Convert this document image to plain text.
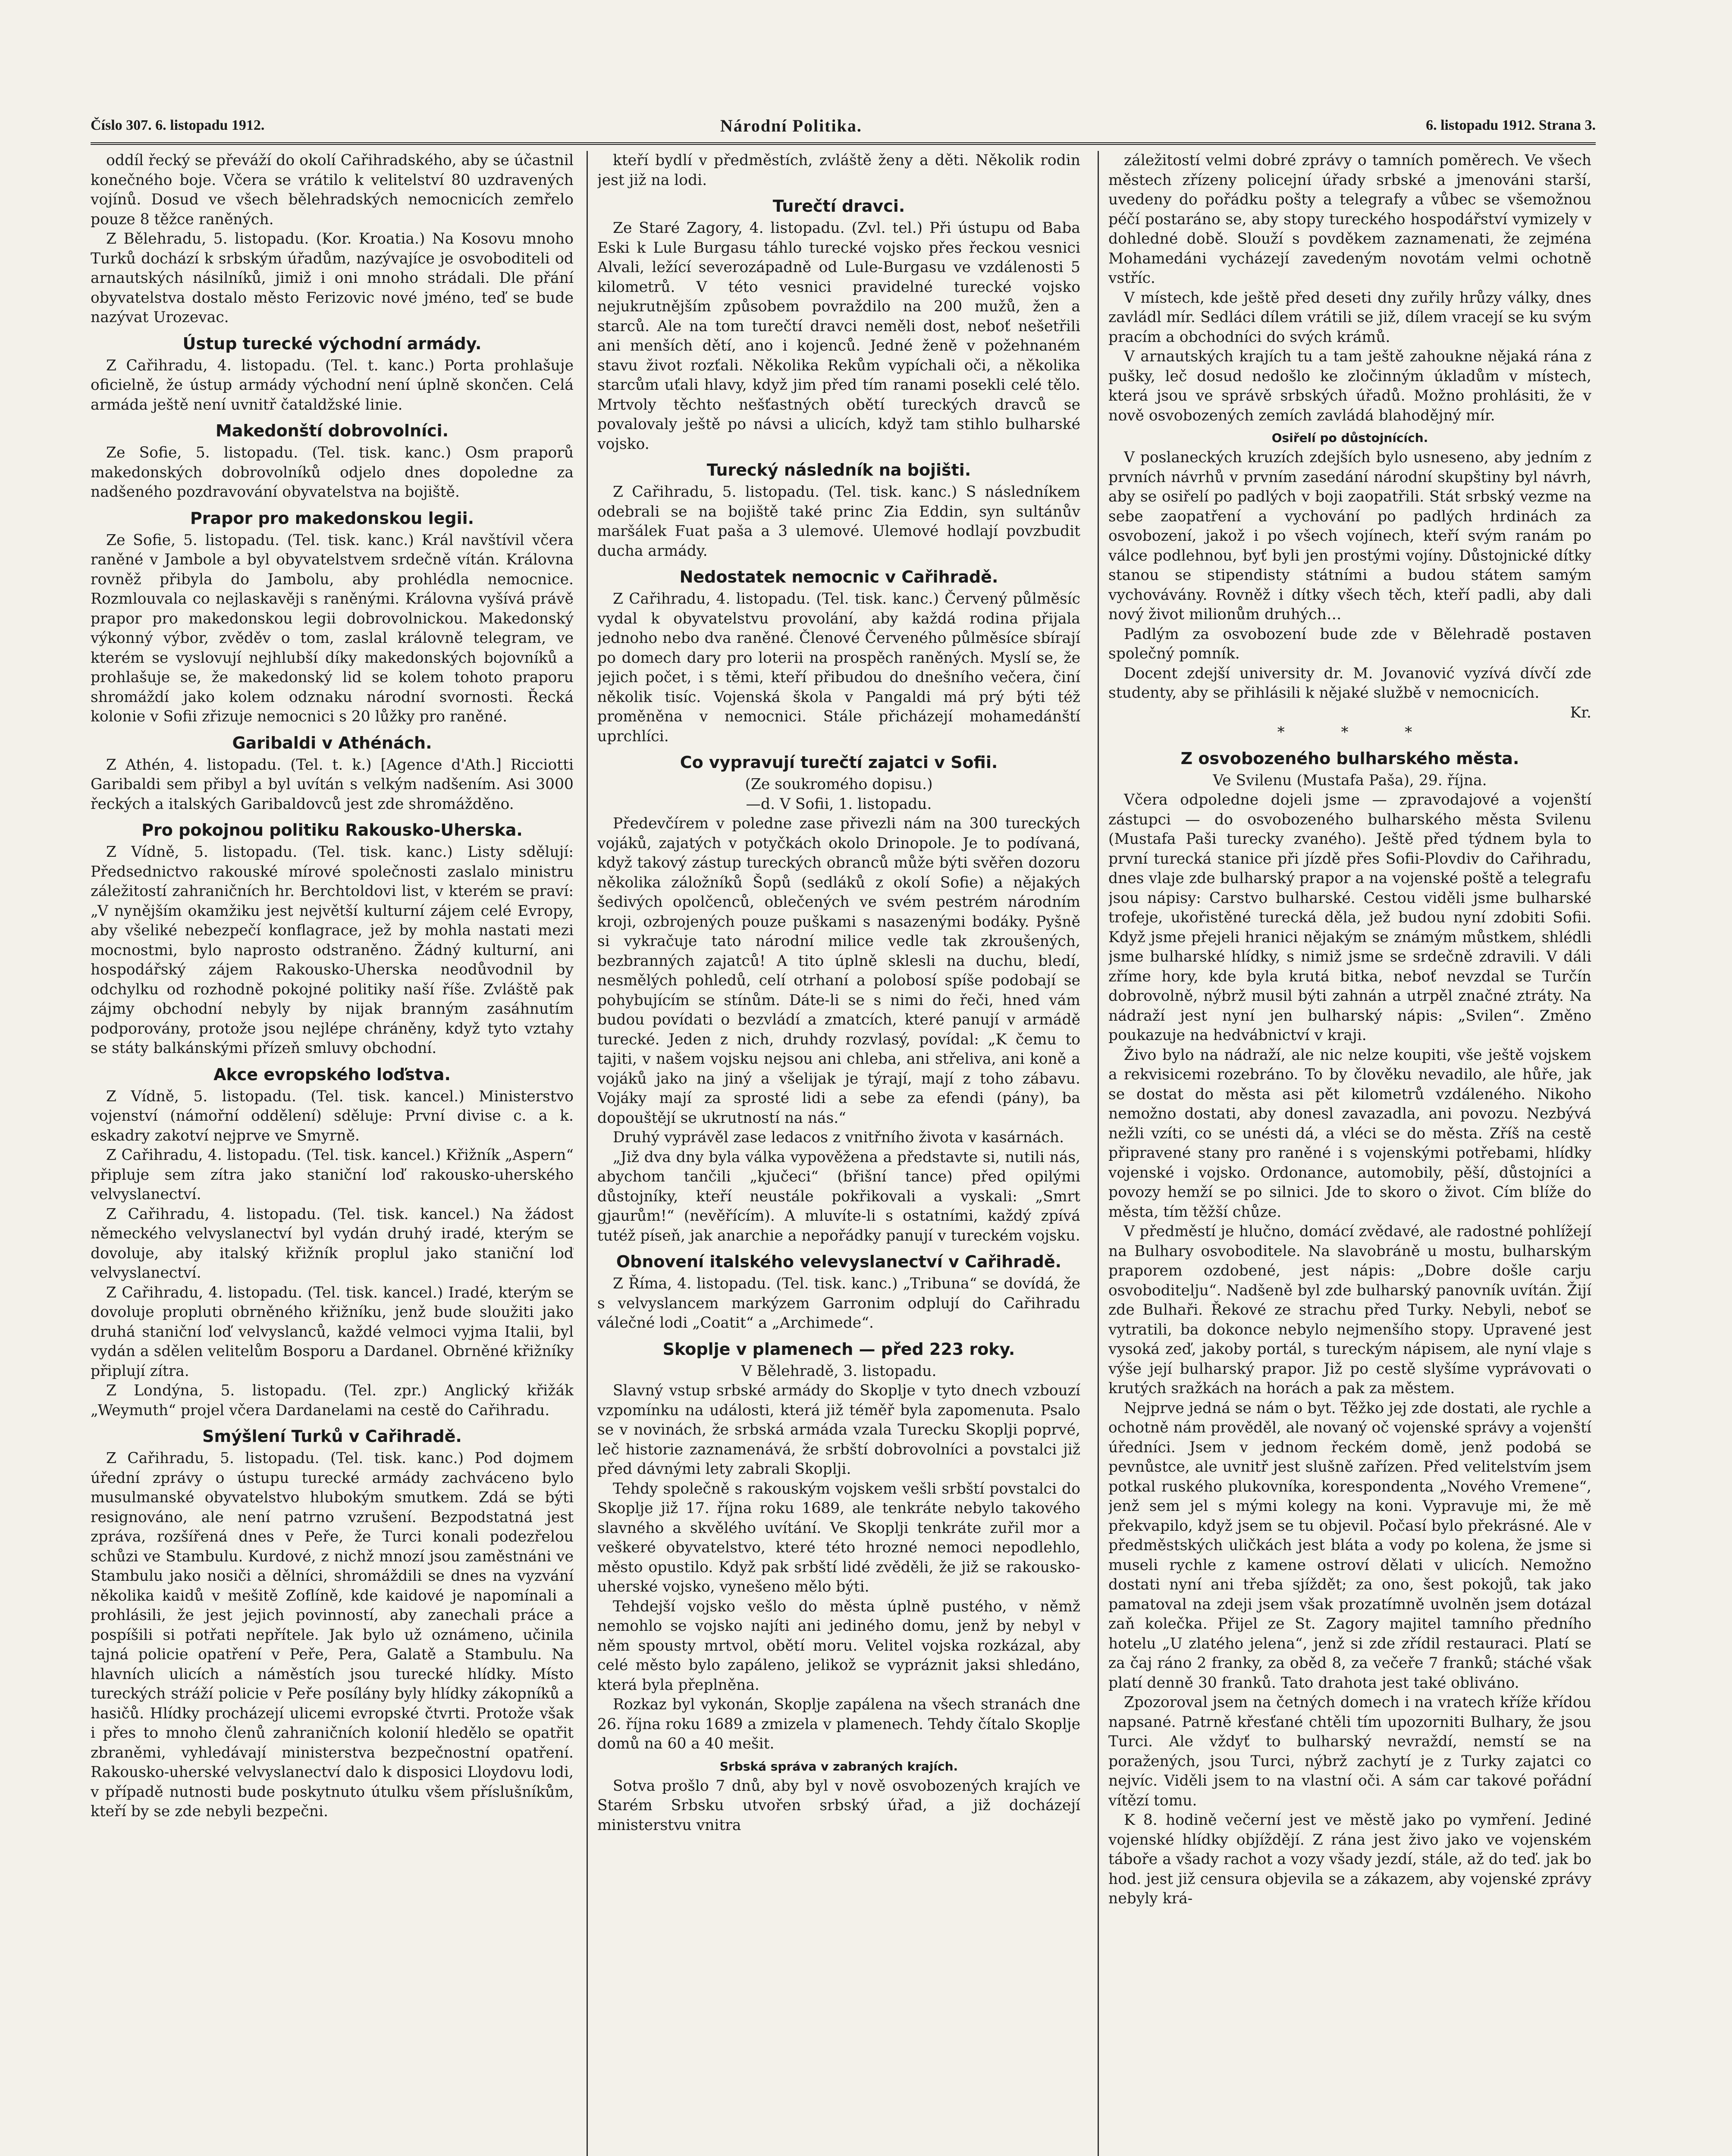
Číslo 307. 6. listopadu 1912.	Národní Politika.	6. listopadu 1912. Strana 3.

oddíl řecký se převáží do okolí Cařihradského, aby se účastnil konečného boje. Včera se vrátilo k velitelství 80 uzdravených vojínů. Dosud ve všech bělehradských nemocnicích zemřelo pouze 8 těžce raněných.

Z Bělehradu, 5. listopadu. (Kor. Kroatia.) Na Kosovu mnoho Turků dochází k srbským úřadům, nazývajíce je osvoboditeli od arnautských násilníků, jimiž i oni mnoho strádali. Dle přání obyvatelstva dostalo město Ferizovic nové jméno, teď se bude nazývat Urozevac.

Ústup turecké východní armády.

Z Cařihradu, 4. listopadu. (Tel. t. kanc.) Porta prohlašuje oficielně, že ústup armády východní není úplně skončen. Celá armáda ještě není uvnitř čataldžské linie.

Makedonští dobrovolníci.

Ze Sofie, 5. listopadu. (Tel. tisk. kanc.) Osm praporů makedonských dobrovolníků odjelo dnes dopoledne za nadšeného pozdravování obyvatelstva na bojiště.

Prapor pro makedonskou legii.

Ze Sofie, 5. listopadu. (Tel. tisk. kanc.) Král navštívil včera raněné v Jambole a byl obyvatelstvem srdečně vítán. Královna rovněž přibyla do Jambolu, aby prohlédla nemocnice. Rozmlouvala co nejlaskavěji s raněnými. Královna vyšívá právě prapor pro makedonskou legii dobrovolnickou. Makedonský výkonný výbor, zvěděv o tom, zaslal královně telegram, ve kterém se vyslovují nejhlubší díky makedonských bojovníků a prohlašuje se, že makedonský lid se kolem tohoto praporu shromáždí jako kolem odznaku národní svornosti. Řecká kolonie v Sofii zřizuje nemocnici s 20 lůžky pro raněné.

Garibaldi v Athénách.

Z Athén, 4. listopadu. (Tel. t. k.) [Agence d'Ath.] Ricciotti Garibaldi sem přibyl a byl uvítán s velkým nadšením. Asi 3000 řeckých a italských Garibaldovců jest zde shromážděno.

Pro pokojnou politiku Rakousko-Uherska.

Z Vídně, 5. listopadu. (Tel. tisk. kanc.) Listy sdělují: Předsednictvo rakouské mírové společnosti zaslalo ministru záležitostí zahraničních hr. Berchtoldovi list, v kterém se praví: „V nynějším okamžiku jest největší kulturní zájem celé Evropy, aby všeliké nebezpečí konflagrace, jež by mohla nastati mezi mocnostmi, bylo naprosto odstraněno. Žádný kulturní, ani hospodářský zájem Rakousko-Uherska neodůvodnil by odchylku od rozhodně pokojné politiky naší říše. Zvláště pak zájmy obchodní nebyly by nijak branným zasáhnutím podporovány, protože jsou nejlépe chráněny, když tyto vztahy se státy balkánskými přízeň smluvy obchodní.

Akce evropského loďstva.

Z Vídně, 5. listopadu. (Tel. tisk. kancel.) Ministerstvo vojenství (námořní oddělení) sděluje: První divise c. a k. eskadry zakotví nejprve ve Smyrně.

Z Cařihradu, 4. listopadu. (Tel. tisk. kancel.) Křižník „Aspern“ připluje sem zítra jako staniční loď rakousko-uherského velvyslanectví.

Z Cařihradu, 4. listopadu. (Tel. tisk. kancel.) Na žádost německého velvyslanectví byl vydán druhý iradé, kterým se dovoluje, aby italský křižník proplul jako staniční loď velvyslanectví.

Z Cařihradu, 4. listopadu. (Tel. tisk. kancel.) Iradé, kterým se dovoluje propluti obrněného křižníku, jenž bude sloužiti jako druhá staniční loď velvyslanců, každé velmoci vyjma Italii, byl vydán a sdělen velitelům Bosporu a Dardanel. Obrněné křižníky připlují zítra.

Z Londýna, 5. listopadu. (Tel. zpr.) Anglický křižák „Weymuth“ projel včera Dardanelami na cestě do Cařihradu.

Smýšlení Turků v Cařihradě.

Z Cařihradu, 5. listopadu. (Tel. tisk. kanc.) Pod dojmem úřední zprávy o ústupu turecké armády zachváceno bylo musulmanské obyvatelstvo hlubokým smutkem. Zdá se býti resignováno, ale není patrno vzrušení. Bezpodstatná jest zpráva, rozšířená dnes v Peře, že Turci konali podezřelou schůzi ve Stambulu. Kurdové, z nichž mnozí jsou zaměstnáni ve Stambulu jako nosiči a dělníci, shromáždili se dnes na vyzvání několika kaidů v mešitě Zoflíně, kde kaidové je napomínali a prohlásili, že jest jejich povinností, aby zanechali práce a pospíšili si potřati nepřítele. Jak bylo už oznámeno, učinila tajná policie opatření v Peře, Pera, Galatě a Stambulu. Na hlavních ulicích a náměstích jsou turecké hlídky. Místo tureckých stráží policie v Peře posílány byly hlídky zákopníků a hasičů. Hlídky procházejí ulicemi evropské čtvrti. Protože však i přes to mnoho členů zahraničních kolonií hledělo se opatřit zbraněmi, vyhledávají ministerstva bezpečnostní opatření. Rakousko-uherské velvyslanectví dalo k disposici Lloydovu lodi, v případě nutnosti bude poskytnuto útulku všem příslušníkům, kteří by se zde nebyli bezpečni.

kteří bydlí v předměstích, zvláště ženy a děti. Několik rodin jest již na lodi.

Turečtí dravci.

Ze Staré Zagory, 4. listopadu. (Zvl. tel.) Při ústupu od Baba Eski k Lule Burgasu táhlo turecké vojsko přes řeckou vesnici Alvali, ležící severozápadně od Lule-Burgasu ve vzdálenosti 5 kilometrů. V této vesnici pravidelné turecké vojsko nejukrutnějším způsobem povraždilo na 200 mužů, žen a starců. Ale na tom turečtí dravci neměli dost, neboť nešetřili ani menších dětí, ano i kojenců. Jedné ženě v požehnaném stavu život rozťali. Několika Rekům vypíchali oči, a několika starcům uťali hlavy, když jim před tím ranami posekli celé tělo. Mrtvoly těchto nešťastných obětí tureckých dravců se povalovaly ještě po návsi a ulicích, když tam stihlo bulharské vojsko.

Turecký následník na bojišti.

Z Cařihradu, 5. listopadu. (Tel. tisk. kanc.) S následníkem odebrali se na bojiště také princ Zia Eddin, syn sultánův maršálek Fuat paša a 3 ulemové. Ulemové hodlají povzbudit ducha armády.

Nedostatek nemocnic v Cařihradě.

Z Cařihradu, 4. listopadu. (Tel. tisk. kanc.) Červený půlměsíc vydal k obyvatelstvu provolání, aby každá rodina přijala jednoho nebo dva raněné. Členové Červeného půlměsíce sbírají po domech dary pro loterii na prospěch raněných. Myslí se, že jejich počet, i s těmi, kteří přibudou do dnešního večera, činí několik tisíc. Vojenská škola v Pangaldi má prý býti též proměněna v nemocnici. Stále přicházejí mohamedánští uprchlíci.

Co vypravují turečtí zajatci v Sofii.

(Ze soukromého dopisu.)

—d. V Sofii, 1. listopadu.

Předevčírem v poledne zase přivezli nám na 300 tureckých vojáků, zajatých v potyčkách okolo Drinopole. Je to podívaná, když takový zástup tureckých obranců může býti svěřen dozoru několika záložníků Šopů (sedláků z okolí Sofie) a nějakých šedivých opolčenců, oblečených ve svém pestrém národním kroji, ozbrojených pouze puškami s nasazenými bodáky. Pyšně si vykračuje tato národní milice vedle tak zkroušených, bezbranných zajatců! A tito úplně sklesli na duchu, bledí, nesmělých pohledů, celí otrhaní a polobosí spíše podobají se pohybujícím se stínům. Dáte-li se s nimi do řeči, hned vám budou povídati o bezvládí a zmatcích, které panují v armádě turecké. Jeden z nich, druhdy rozvlasý, povídal: „K čemu to tajiti, v našem vojsku nejsou ani chleba, ani střeliva, ani koně a vojáků jako na jiný a všelijak je týrají, mají z toho zábavu. Vojáky mají za sprosté lidi a sebe za efendi (pány), ba dopouštějí se ukrutností na nás.“

Druhý vyprávěl zase ledacos z vnitřního života v kasárnách.

„Již dva dny byla válka vypověžena a představte si, nutili nás, abychom tančili „kjučeci“ (břišní tance) před opilými důstojníky, kteří neustále pokřikovali a vyskali: „Smrt gjaurům!“ (nevěřícím). A mluvíte-li s ostatními, každý zpívá tutéž píseň, jak anarchie a nepořádky panují v tureckém vojsku.

Obnovení italského velevyslanectví v Cařihradě.

Z Říma, 4. listopadu. (Tel. tisk. kanc.) „Tribuna“ se dovídá, že s velvyslancem markýzem Garronim odplují do Cařihradu válečné lodi „Coatit“ a „Archimede“.

Skoplje v plamenech — před 223 roky.

V Bělehradě, 3. listopadu.

Slavný vstup srbské armády do Skoplje v tyto dnech vzbouzí vzpomínku na události, která již téměř byla zapomenuta. Psalo se v novinách, že srbská armáda vzala Turecku Skoplji poprvé, leč historie zaznamenává, že srbští dobrovolníci a povstalci již před dávnými lety zabrali Skoplji.

Tehdy společně s rakouským vojskem vešli srbští povstalci do Skoplje již 17. října roku 1689, ale tenkráte nebylo takového slavného a skvělého uvítání. Ve Skoplji tenkráte zuřil mor a veškeré obyvatelstvo, které této hrozné nemoci nepodlehlo, město opustilo. Když pak srbští lidé zvěděli, že již se rakousko-uherské vojsko, vynešeno mělo býti.

Tehdejší vojsko vešlo do města úplně pustého, v němž nemohlo se vojsko najíti ani jediného domu, jenž by nebyl v něm spousty mrtvol, obětí moru. Velitel vojska rozkázal, aby celé město bylo zapáleno, jelikož se vypráznit jaksi shledáno, která byla přeplněna.

Rozkaz byl vykonán, Skoplje zapálena na všech stranách dne 26. října roku 1689 a zmizela v plamenech. Tehdy čítalo Skoplje domů na 60 a 40 mešit.

Srbská správa v zabraných krajích.

Sotva prošlo 7 dnů, aby byl v nově osvobozených krajích ve Starém Srbsku utvořen srbský úřad, a již docházejí ministerstvu vnitra

záležitostí velmi dobré zprávy o tamních poměrech. Ve všech městech zřízeny policejní úřady srbské a jmenováni starší, uvedeny do pořádku pošty a telegrafy a vůbec se všemožnou péčí postaráno se, aby stopy tureckého hospodářství vymizely v dohledné době. Slouží s povděkem zaznamenati, že zejména Mohamedáni vycházejí zavedeným novotám velmi ochotně vstříc.

V místech, kde ještě před deseti dny zuřily hrůzy války, dnes zavládl mír. Sedláci dílem vrátili se již, dílem vracejí se ku svým pracím a obchodníci do svých krámů.

V arnautských krajích tu a tam ještě zahoukne nějaká rána z pušky, leč dosud nedošlo ke zločinným úkladům v místech, která jsou ve správě srbských úřadů. Možno prohlásiti, že v nově osvobozených zemích zavládá blahodějný mír.

Osiřelí po důstojnících.

V poslaneckých kruzích zdejších bylo usneseno, aby jedním z prvních návrhů v prvním zasedání národní skupštiny byl návrh, aby se osiřelí po padlých v boji zaopatřili. Stát srbský vezme na sebe zaopatření a vychování po padlých hrdinách za osvobození, jakož i po všech vojínech, kteří svým ranám po válce podlehnou, byť byli jen prostými vojíny. Důstojnické dítky stanou se stipendisty státními a budou státem samým vychovávány. Rovněž i dítky všech těch, kteří padli, aby dali nový život milionům druhých…

Padlým za osvobození bude zde v Bělehradě postaven společný pomník.

Docent zdejší university dr. M. Jovanović vyzívá dívčí zde studenty, aby se přihlásili k nějaké službě v nemocnicích.

Kr.

* * *

Z osvobozeného bulharského města.

Ve Svilenu (Mustafa Paša), 29. října.

Včera odpoledne dojeli jsme — zpravodajové a vojenští zástupci — do osvobozeného bulharského města Svilenu (Mustafa Paši turecky zvaného). Ještě před týdnem byla to první turecká stanice při jízdě přes Sofii-Plovdiv do Cařihradu, dnes vlaje zde bulharský prapor a na vojenské poště a telegrafu jsou nápisy: Carstvo bulharské. Cestou viděli jsme bulharské trofeje, ukořistěné turecká děla, jež budou nyní zdobiti Sofii. Když jsme přejeli hranici nějakým se známým můstkem, shlédli jsme bulharské hlídky, s nimiž jsme se srdečně zdravili. V dáli zříme hory, kde byla krutá bitka, neboť nevzdal se Turčín dobrovolně, nýbrž musil býti zahnán a utrpěl značné ztráty. Na nádraží jest nyní jen bulharský nápis: „Svilen“. Změno poukazuje na hedvábnictví v kraji.

Živo bylo na nádraží, ale nic nelze koupiti, vše ještě vojskem a rekvisicemi rozebráno. To by člověku nevadilo, ale hůře, jak se dostat do města asi pět kilometrů vzdáleného. Nikoho nemožno dostati, aby donesl zavazadla, ani povozu. Nezbývá nežli vzíti, co se unésti dá, a vléci se do města. Zříš na cestě připravené stany pro raněné i s vojenskými potřebami, hlídky vojenské i vojsko. Ordonance, automobily, pěší, důstojníci a povozy hemží se po silnici. Jde to skoro o život. Cím blíže do města, tím těžší chůze.

V předměstí je hlučno, domácí zvědavé, ale radostné pohlížejí na Bulhary osvoboditele. Na slavobráně u mostu, bulharským praporem ozdobené, jest nápis: „Dobre došle carju osvoboditelju“. Nadšeně byl zde bulharský panovník uvítán. Žijí zde Bulhaři. Řekové ze strachu před Turky. Nebyli, neboť se vytratili, ba dokonce nebylo nejmenšího stopy. Upravené jest vysoká zeď, jakoby portál, s tureckým nápisem, ale nyní vlaje s výše její bulharský prapor. Již po cestě slyšíme vyprávovati o krutých sražkách na horách a pak za městem.

Nejprve jedná se nám o byt. Těžko jej zde dostati, ale rychle a ochotně nám prověděl, ale novaný oč vojenské správy a vojenští úředníci. Jsem v jednom řeckém domě, jenž podobá se pevnůstce, ale uvnitř jest slušně zařízen. Před velitelstvím jsem potkal ruského plukovníka, korespondenta „Nového Vremene“, jenž sem jel s mými kolegy na koni. Vypravuje mi, že mě překvapilo, když jsem se tu objevil. Počasí bylo překrásné. Ale v předměstských uličkách jest bláta a vody po kolena, že jsme si museli rychle z kamene ostroví dělati v ulicích. Nemožno dostati nyní ani třeba sjíždět; za ono, šest pokojů, tak jako pamatoval na zdeji jsem však prozatímně uvolněn jsem dotázal zaň kolečka. Přijel ze St. Zagory majitel tamního předního hotelu „U zlatého jelena“, jenž si zde zřídil restauraci. Platí se za čaj ráno 2 franky, za oběd 8, za večeře 7 franků; stáché však platí denně 30 franků. Tato drahota jest také obliváno.

Zpozoroval jsem na četných domech i na vratech kříže křídou napsané. Patrně křesťané chtěli tím upozorniti Bulhary, že jsou Turci. Ale vždyť to bulharský nevraždí, nemstí se na poražených, jsou Turci, nýbrž zachytí je z Turky zajatci co nejvíc. Viděli jsem to na vlastní oči. A sám car takové pořádní vítězí tomu.

K 8. hodině večerní jest ve městě jako po vymření. Jediné vojenské hlídky objíždějí. Z rána jest živo jako ve vojenském táboře a všady rachot a vozy všady jezdí, stále, až do teď. jak bo hod. jest již censura objevila se a zákazem, aby vojenské zprávy nebyly krá-
